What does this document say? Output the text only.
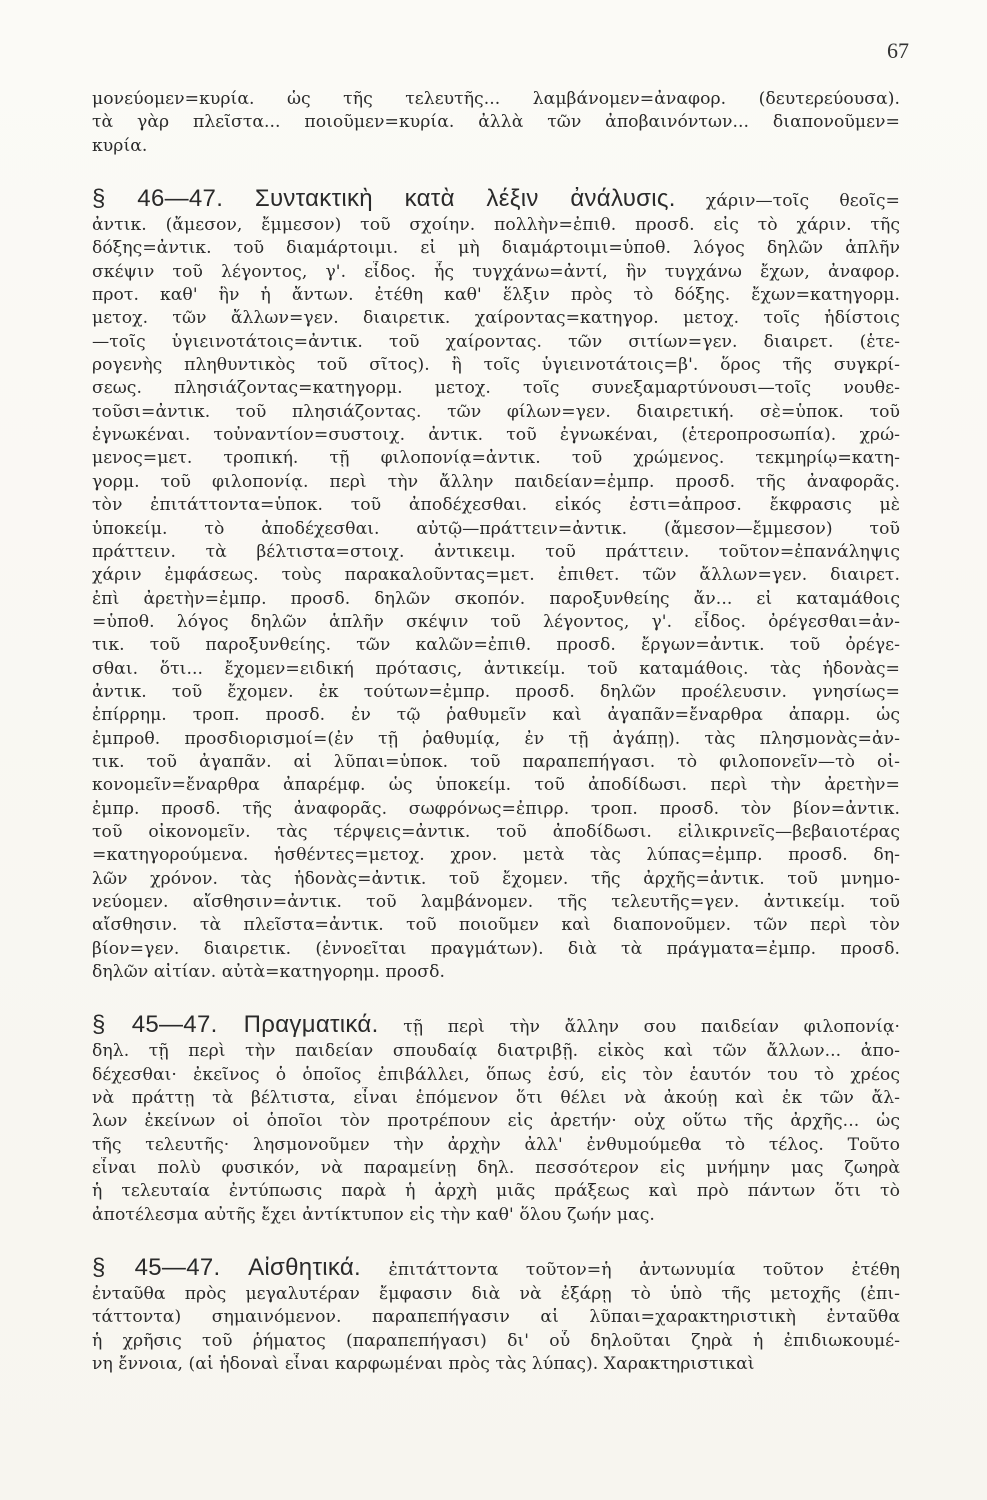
67
μονεύομεν=κυρία. ὡς τῆς τελευτῆς... λαμβάνομεν=ἀναφορ. (δευτερεύουσα).
τὰ γὰρ πλεῖστα... ποιοῦμεν=κυρία. ἀλλὰ τῶν ἀποβαινόντων... διαπονοῦμεν=
κυρία.
§ 46—47. Συντακτικὴ κατὰ λέξιν ἀνάλυσις. χάριν—τοῖς θεοῖς=
ἀντικ. (ἄμεσον, ἔμμεσον) τοῦ σχοίην. πολλὴν=ἐπιθ. προσδ. εἰς τὸ χάριν. τῆς
δόξης=ἀντικ. τοῦ διαμάρτοιμι. εἰ μὴ διαμάρτοιμι=ὑποθ. λόγος δηλῶν ἁπλῆν
σκέψιν τοῦ λέγοντος, γ'. εἶδος. ἧς τυγχάνω=ἀντί, ἣν τυγχάνω ἔχων, ἀναφορ.
προτ. καθ' ἣν ἡ ἄντων. ἐτέθη καθ' ἕλξιν πρὸς τὸ δόξης. ἔχων=κατηγορμ.
μετοχ. τῶν ἄλλων=γεν. διαιρετικ. χαίροντας=κατηγορ. μετοχ. τοῖς ἡδίστοις
—τοῖς ὑγιεινοτάτοις=ἀντικ. τοῦ χαίροντας. τῶν σιτίων=γεν. διαιρετ. (ἑτε-
ρογενὴς πληθυντικὸς τοῦ σῖτος). ἢ τοῖς ὑγιεινοτάτοις=β'. ὅρος τῆς συγκρί-
σεως. πλησιάζοντας=κατηγορμ. μετοχ. τοῖς συνεξαμαρτύνουσι—τοῖς νουθε-
τοῦσι=ἀντικ. τοῦ πλησιάζοντας. τῶν φίλων=γεν. διαιρετική. σὲ=ὑποκ. τοῦ
ἐγνωκέναι. τοὐναντίον=συστοιχ. ἀντικ. τοῦ ἐγνωκέναι, (ἑτεροπροσωπία). χρώ-
μενος=μετ. τροπική. τῇ φιλοπονίᾳ=ἀντικ. τοῦ χρώμενος. τεκμηρίῳ=κατη-
γορμ. τοῦ φιλοπονίᾳ. περὶ τὴν ἄλλην παιδείαν=ἐμπρ. προσδ. τῆς ἀναφορᾶς.
τὸν ἐπιτάττοντα=ὑποκ. τοῦ ἀποδέχεσθαι. εἰκός ἐστι=ἀπροσ. ἔκφρασις μὲ
ὑποκείμ. τὸ ἀποδέχεσθαι. αὐτῷ—πράττειν=ἀντικ. (ἄμεσον—ἔμμεσον) τοῦ
πράττειν. τὰ βέλτιστα=στοιχ. ἀντικειμ. τοῦ πράττειν. τοῦτον=ἐπανάληψις
χάριν ἐμφάσεως. τοὺς παρακαλοῦντας=μετ. ἐπιθετ. τῶν ἄλλων=γεν. διαιρετ.
ἐπὶ ἀρετὴν=ἐμπρ. προσδ. δηλῶν σκοπόν. παροξυνθείης ἄν... εἰ καταμάθοις
=ὑποθ. λόγος δηλῶν ἁπλῆν σκέψιν τοῦ λέγοντος, γ'. εἶδος. ὀρέγεσθαι=ἀν-
τικ. τοῦ παροξυνθείης. τῶν καλῶν=ἐπιθ. προσδ. ἔργων=ἀντικ. τοῦ ὀρέγε-
σθαι. ὅτι... ἔχομεν=ειδική πρότασις, ἀντικείμ. τοῦ καταμάθοις. τὰς ἡδονὰς=
ἀντικ. τοῦ ἔχομεν. ἐκ τούτων=ἐμπρ. προσδ. δηλῶν προέλευσιν. γνησίως=
ἐπίρρημ. τροπ. προσδ. ἐν τῷ ῥαθυμεῖν καὶ ἀγαπᾶν=ἔναρθρα ἀπαρμ. ὡς
ἐμπροθ. προσδιορισμοί=(ἐν τῇ ῥαθυμίᾳ, ἐν τῇ ἀγάπῃ). τὰς πλησμονὰς=ἀν-
τικ. τοῦ ἀγαπᾶν. αἱ λῦπαι=ὑποκ. τοῦ παραπεπήγασι. τὸ φιλοπονεῖν—τὸ οἰ-
κονομεῖν=ἔναρθρα ἀπαρέμφ. ὡς ὑποκείμ. τοῦ ἀποδίδωσι. περὶ τὴν ἀρετὴν=
ἐμπρ. προσδ. τῆς ἀναφορᾶς. σωφρόνως=ἐπιρρ. τροπ. προσδ. τὸν βίον=ἀντικ.
τοῦ οἰκονομεῖν. τὰς τέρψεις=ἀντικ. τοῦ ἀποδίδωσι. εἰλικρινεῖς—βεβαιοτέρας
=κατηγορούμενα. ἡσθέντες=μετοχ. χρον. μετὰ τὰς λύπας=ἐμπρ. προσδ. δη-
λῶν χρόνον. τὰς ἡδονὰς=ἀντικ. τοῦ ἔχομεν. τῆς ἀρχῆς=ἀντικ. τοῦ μνημο-
νεύομεν. αἴσθησιν=ἀντικ. τοῦ λαμβάνομεν. τῆς τελευτῆς=γεν. ἀντικείμ. τοῦ
αἴσθησιν. τὰ πλεῖστα=ἀντικ. τοῦ ποιοῦμεν καὶ διαπονοῦμεν. τῶν περὶ τὸν
βίον=γεν. διαιρετικ. (ἐννοεῖται πραγμάτων). διὰ τὰ πράγματα=ἐμπρ. προσδ.
δηλῶν αἰτίαν. αὐτὰ=κατηγορημ. προσδ.
§ 45—47. Πραγματικά. τῇ περὶ τὴν ἄλλην σου παιδείαν φιλοπονίᾳ·
δηλ. τῇ περὶ τὴν παιδείαν σπουδαίᾳ διατριβῇ. εἰκὸς καὶ τῶν ἄλλων... ἀπο-
δέχεσθαι· ἐκεῖνος ὁ ὁποῖος ἐπιβάλλει, ὅπως ἐσύ, εἰς τὸν ἑαυτόν του τὸ χρέος
νὰ πράττῃ τὰ βέλτιστα, εἶναι ἑπόμενον ὅτι θέλει νὰ ἀκούῃ καὶ ἐκ τῶν ἄλ-
λων ἐκείνων οἱ ὁποῖοι τὸν προτρέπουν εἰς ἀρετήν· οὐχ οὕτω τῆς ἀρχῆς... ὡς
τῆς τελευτῆς· λησμονοῦμεν τὴν ἀρχὴν ἀλλ' ἐνθυμούμεθα τὸ τέλος. Τοῦτο
εἶναι πολὺ φυσικόν, νὰ παραμείνῃ δηλ. πεσσότερον εἰς μνήμην μας ζωηρὰ
ἡ τελευταία ἐντύπωσις παρὰ ἡ ἀρχὴ μιᾶς πράξεως καὶ πρὸ πάντων ὅτι τὸ
ἀποτέλεσμα αὐτῆς ἔχει ἀντίκτυπον εἰς τὴν καθ' ὅλου ζωήν μας.
§ 45—47. Αἰσθητικά. ἐπιτάττοντα τοῦτον=ἡ ἀντωνυμία τοῦτον ἐτέθη
ἐνταῦθα πρὸς μεγαλυτέραν ἔμφασιν διὰ νὰ ἐξάρῃ τὸ ὑπὸ τῆς μετοχῆς (ἐπι-
τάττοντα) σημαινόμενον. παραπεπήγασιν αἱ λῦπαι=χαρακτηριστικὴ ἐνταῦθα
ἡ χρῆσις τοῦ ῥήματος (παραπεπήγασι) δι' οὗ δηλοῦται ζηρὰ ἡ ἐπιδιωκουμέ-
νη ἔννοια, (αἱ ἡδοναὶ εἶναι καρφωμέναι πρὸς τὰς λύπας). Χαρακτηριστικαὶ
